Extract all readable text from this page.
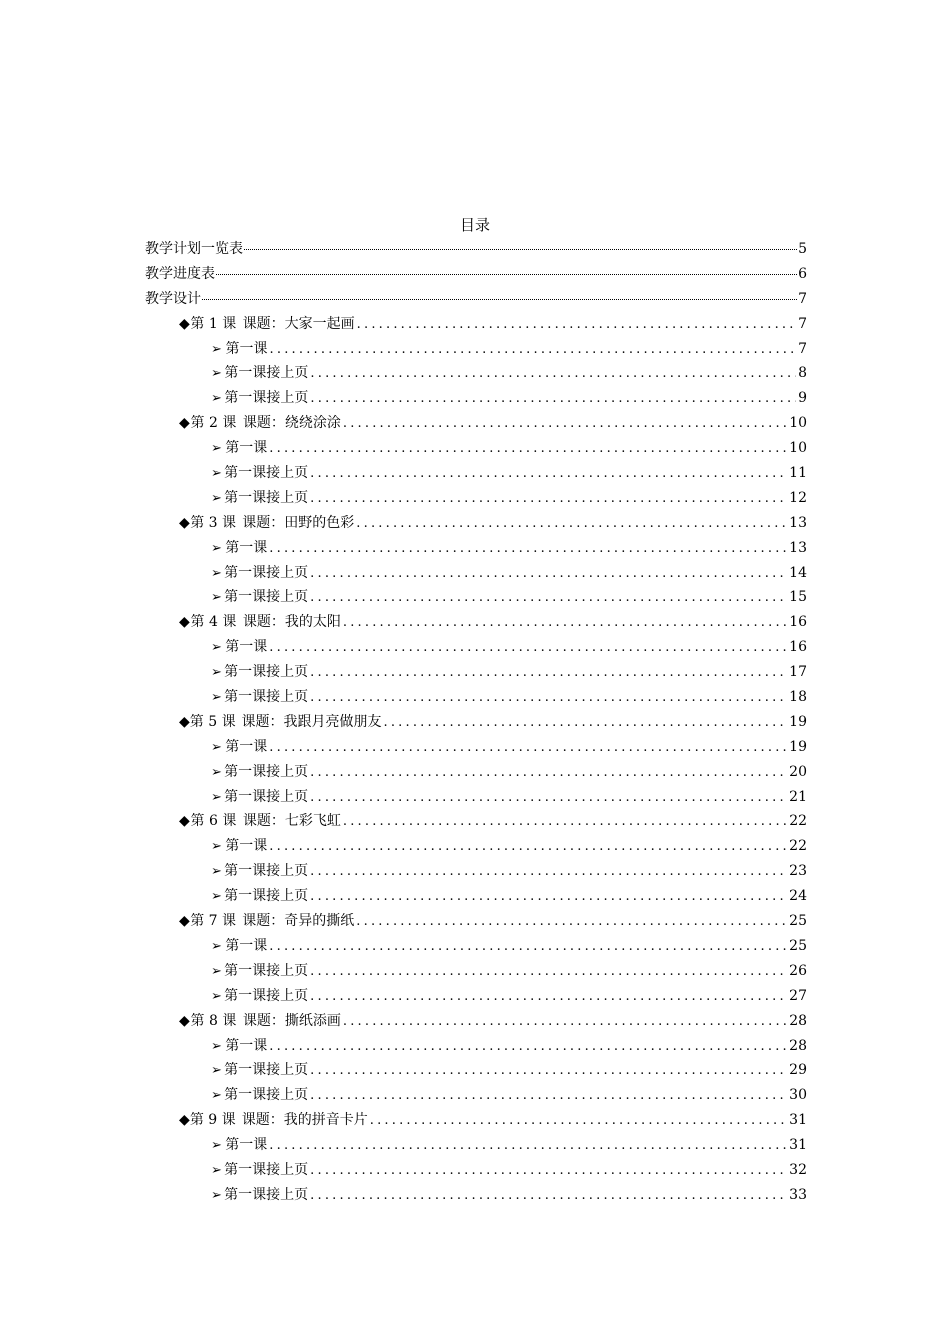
目录
教学计划一览表	5
教学进度表	6
教学设计	7
◆ 第 1 课 课题：大家一起画 .....	7
➢ 第一课 .....	7
➢ 第一课接上页 .....	8
➢ 第一课接上页 .....	9
◆ 第 2 课 课题：绕绕涂涂 .....	10
➢ 第一课 .....	10
➢ 第一课接上页 .....	11
➢ 第一课接上页 .....	12
◆ 第 3 课 课题：田野的色彩 .....	13
➢ 第一课 .....	13
➢ 第一课接上页 .....	14
➢ 第一课接上页 .....	15
◆ 第 4 课 课题：我的太阳 .....	16
➢ 第一课 .....	16
➢ 第一课接上页 .....	17
➢ 第一课接上页 .....	18
◆ 第 5 课 课题：我跟月亮做朋友 .....	19
➢ 第一课 .....	19
➢ 第一课接上页 .....	20
➢ 第一课接上页 .....	21
◆ 第 6 课 课题：七彩飞虹 .....	22
➢ 第一课 .....	22
➢ 第一课接上页 .....	23
➢ 第一课接上页 .....	24
◆ 第 7 课 课题：奇异的撕纸 .....	25
➢ 第一课 .....	25
➢ 第一课接上页 .....	26
➢ 第一课接上页 .....	27
◆ 第 8 课 课题：撕纸添画 .....	28
➢ 第一课 .....	28
➢ 第一课接上页 .....	29
➢ 第一课接上页 .....	30
◆ 第 9 课 课题：我的拼音卡片 .....	31
➢ 第一课 .....	31
➢ 第一课接上页 .....	32
➢ 第一课接上页 .....	33
